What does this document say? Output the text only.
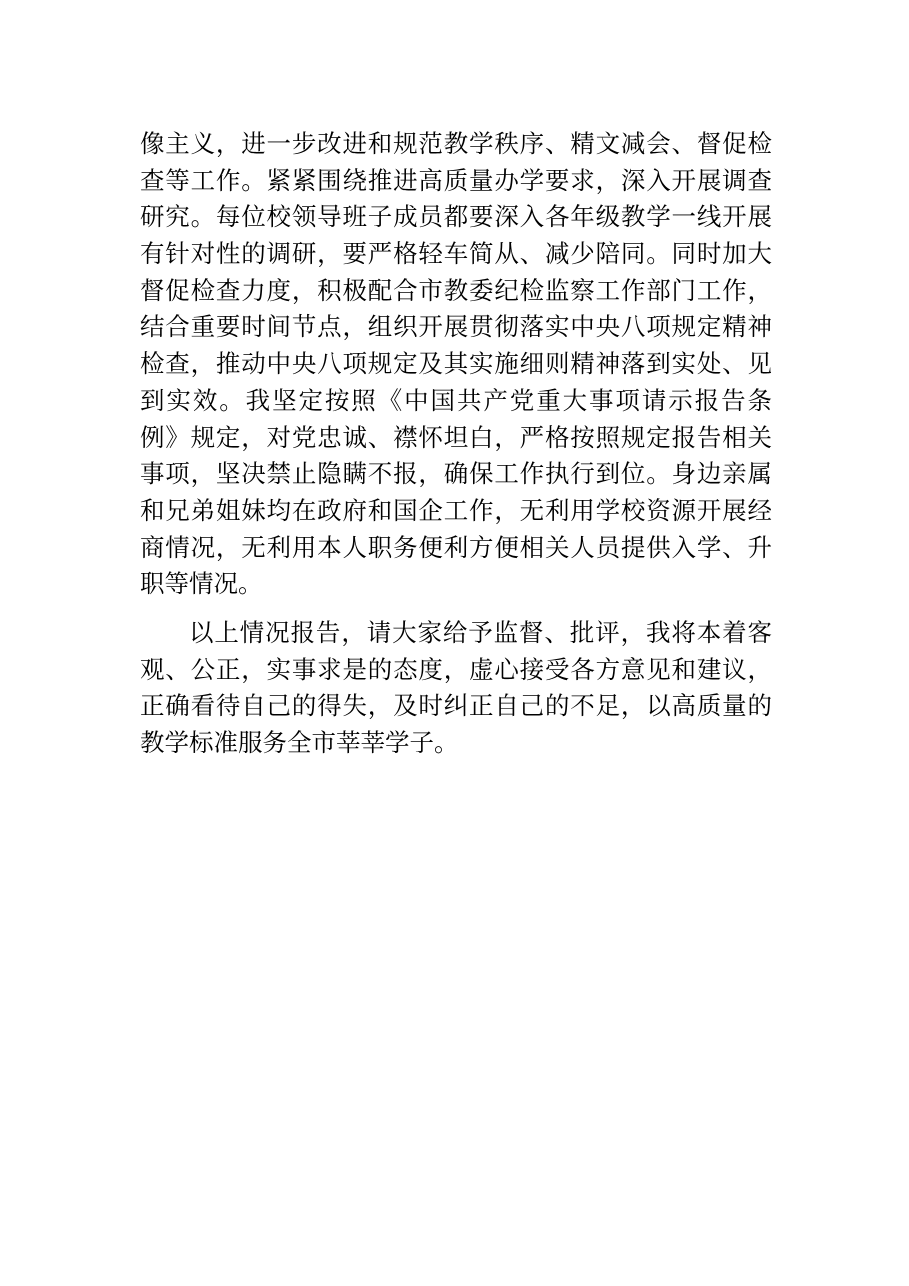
像主义，进一步改进和规范教学秩序、精文减会、督促检
查等工作。紧紧围绕推进高质量办学要求，深入开展调查
研究。每位校领导班子成员都要深入各年级教学一线开展
有针对性的调研，要严格轻车简从、减少陪同。同时加大
督促检查力度，积极配合市教委纪检监察工作部门工作，
结合重要时间节点，组织开展贯彻落实中央八项规定精神
检查，推动中央八项规定及其实施细则精神落到实处、见
到实效。我坚定按照《中国共产党重大事项请示报告条
例》规定，对党忠诚、襟怀坦白，严格按照规定报告相关
事项，坚决禁止隐瞒不报，确保工作执行到位。身边亲属
和兄弟姐妹均在政府和国企工作，无利用学校资源开展经
商情况，无利用本人职务便利方便相关人员提供入学、升
职等情况。
以上情况报告，请大家给予监督、批评，我将本着客
观、公正，实事求是的态度，虚心接受各方意见和建议，
正确看待自己的得失，及时纠正自己的不足，以高质量的
教学标准服务全市莘莘学子。
